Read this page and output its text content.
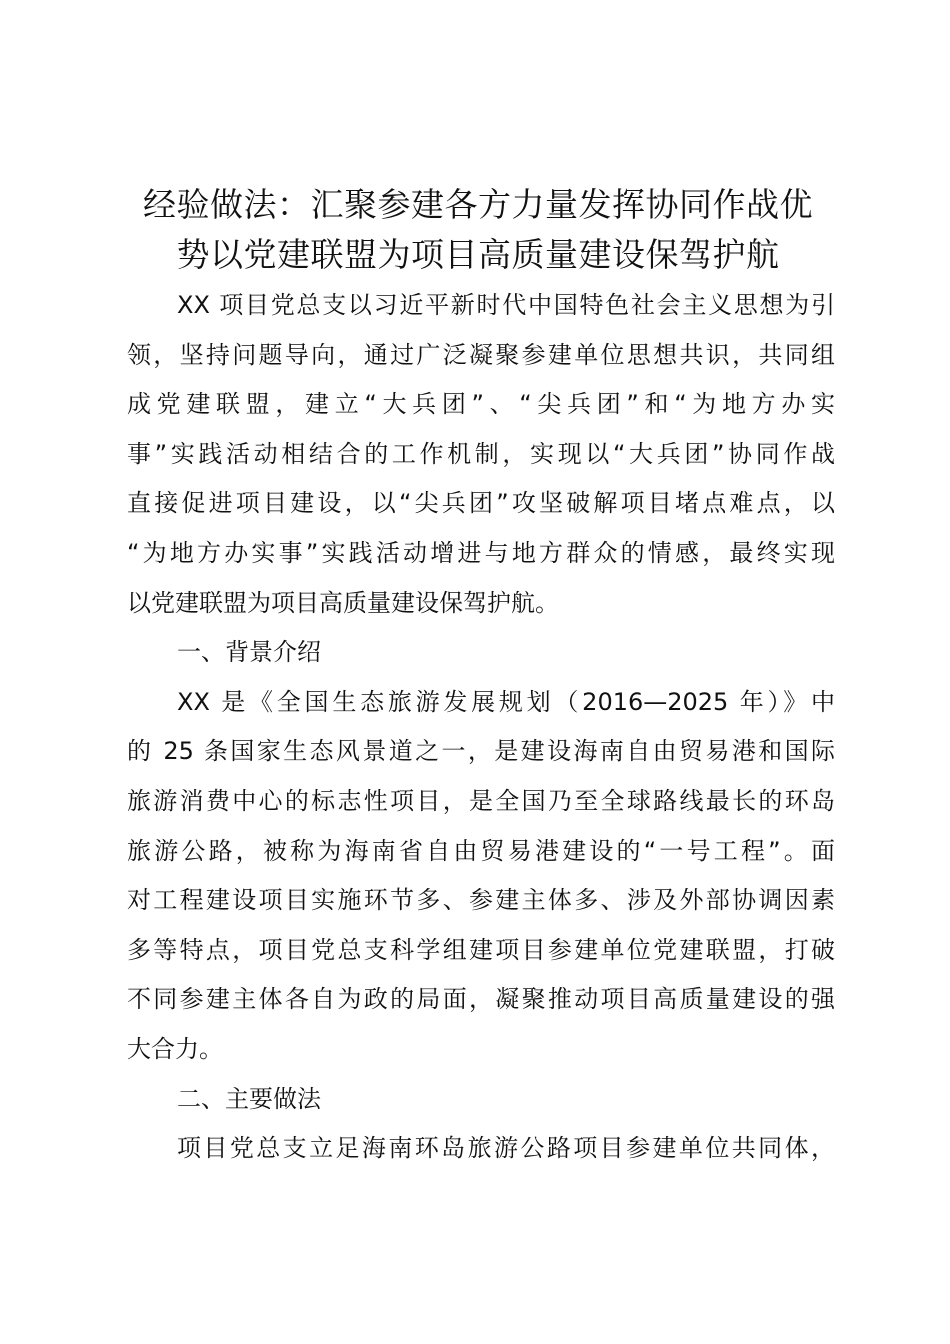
经验做法：汇聚参建各方力量发挥协同作战优
势以党建联盟为项目高质量建设保驾护航
XX 项目党总支以习近平新时代中国特色社会主义思想为引
领，坚持问题导向，通过广泛凝聚参建单位思想共识，共同组
成党建联盟，建立“大兵团”、“尖兵团”和“为地方办实
事”实践活动相结合的工作机制，实现以“大兵团”协同作战
直接促进项目建设，以“尖兵团”攻坚破解项目堵点难点，以
“为地方办实事”实践活动增进与地方群众的情感，最终实现
以党建联盟为项目高质量建设保驾护航。
一、背景介绍
XX 是《全国生态旅游发展规划（2016—2025 年）》中
的 25 条国家生态风景道之一，是建设海南自由贸易港和国际
旅游消费中心的标志性项目，是全国乃至全球路线最长的环岛
旅游公路，被称为海南省自由贸易港建设的“一号工程”。面
对工程建设项目实施环节多、参建主体多、涉及外部协调因素
多等特点，项目党总支科学组建项目参建单位党建联盟，打破
不同参建主体各自为政的局面，凝聚推动项目高质量建设的强
大合力。
二、主要做法
项目党总支立足海南环岛旅游公路项目参建单位共同体，
